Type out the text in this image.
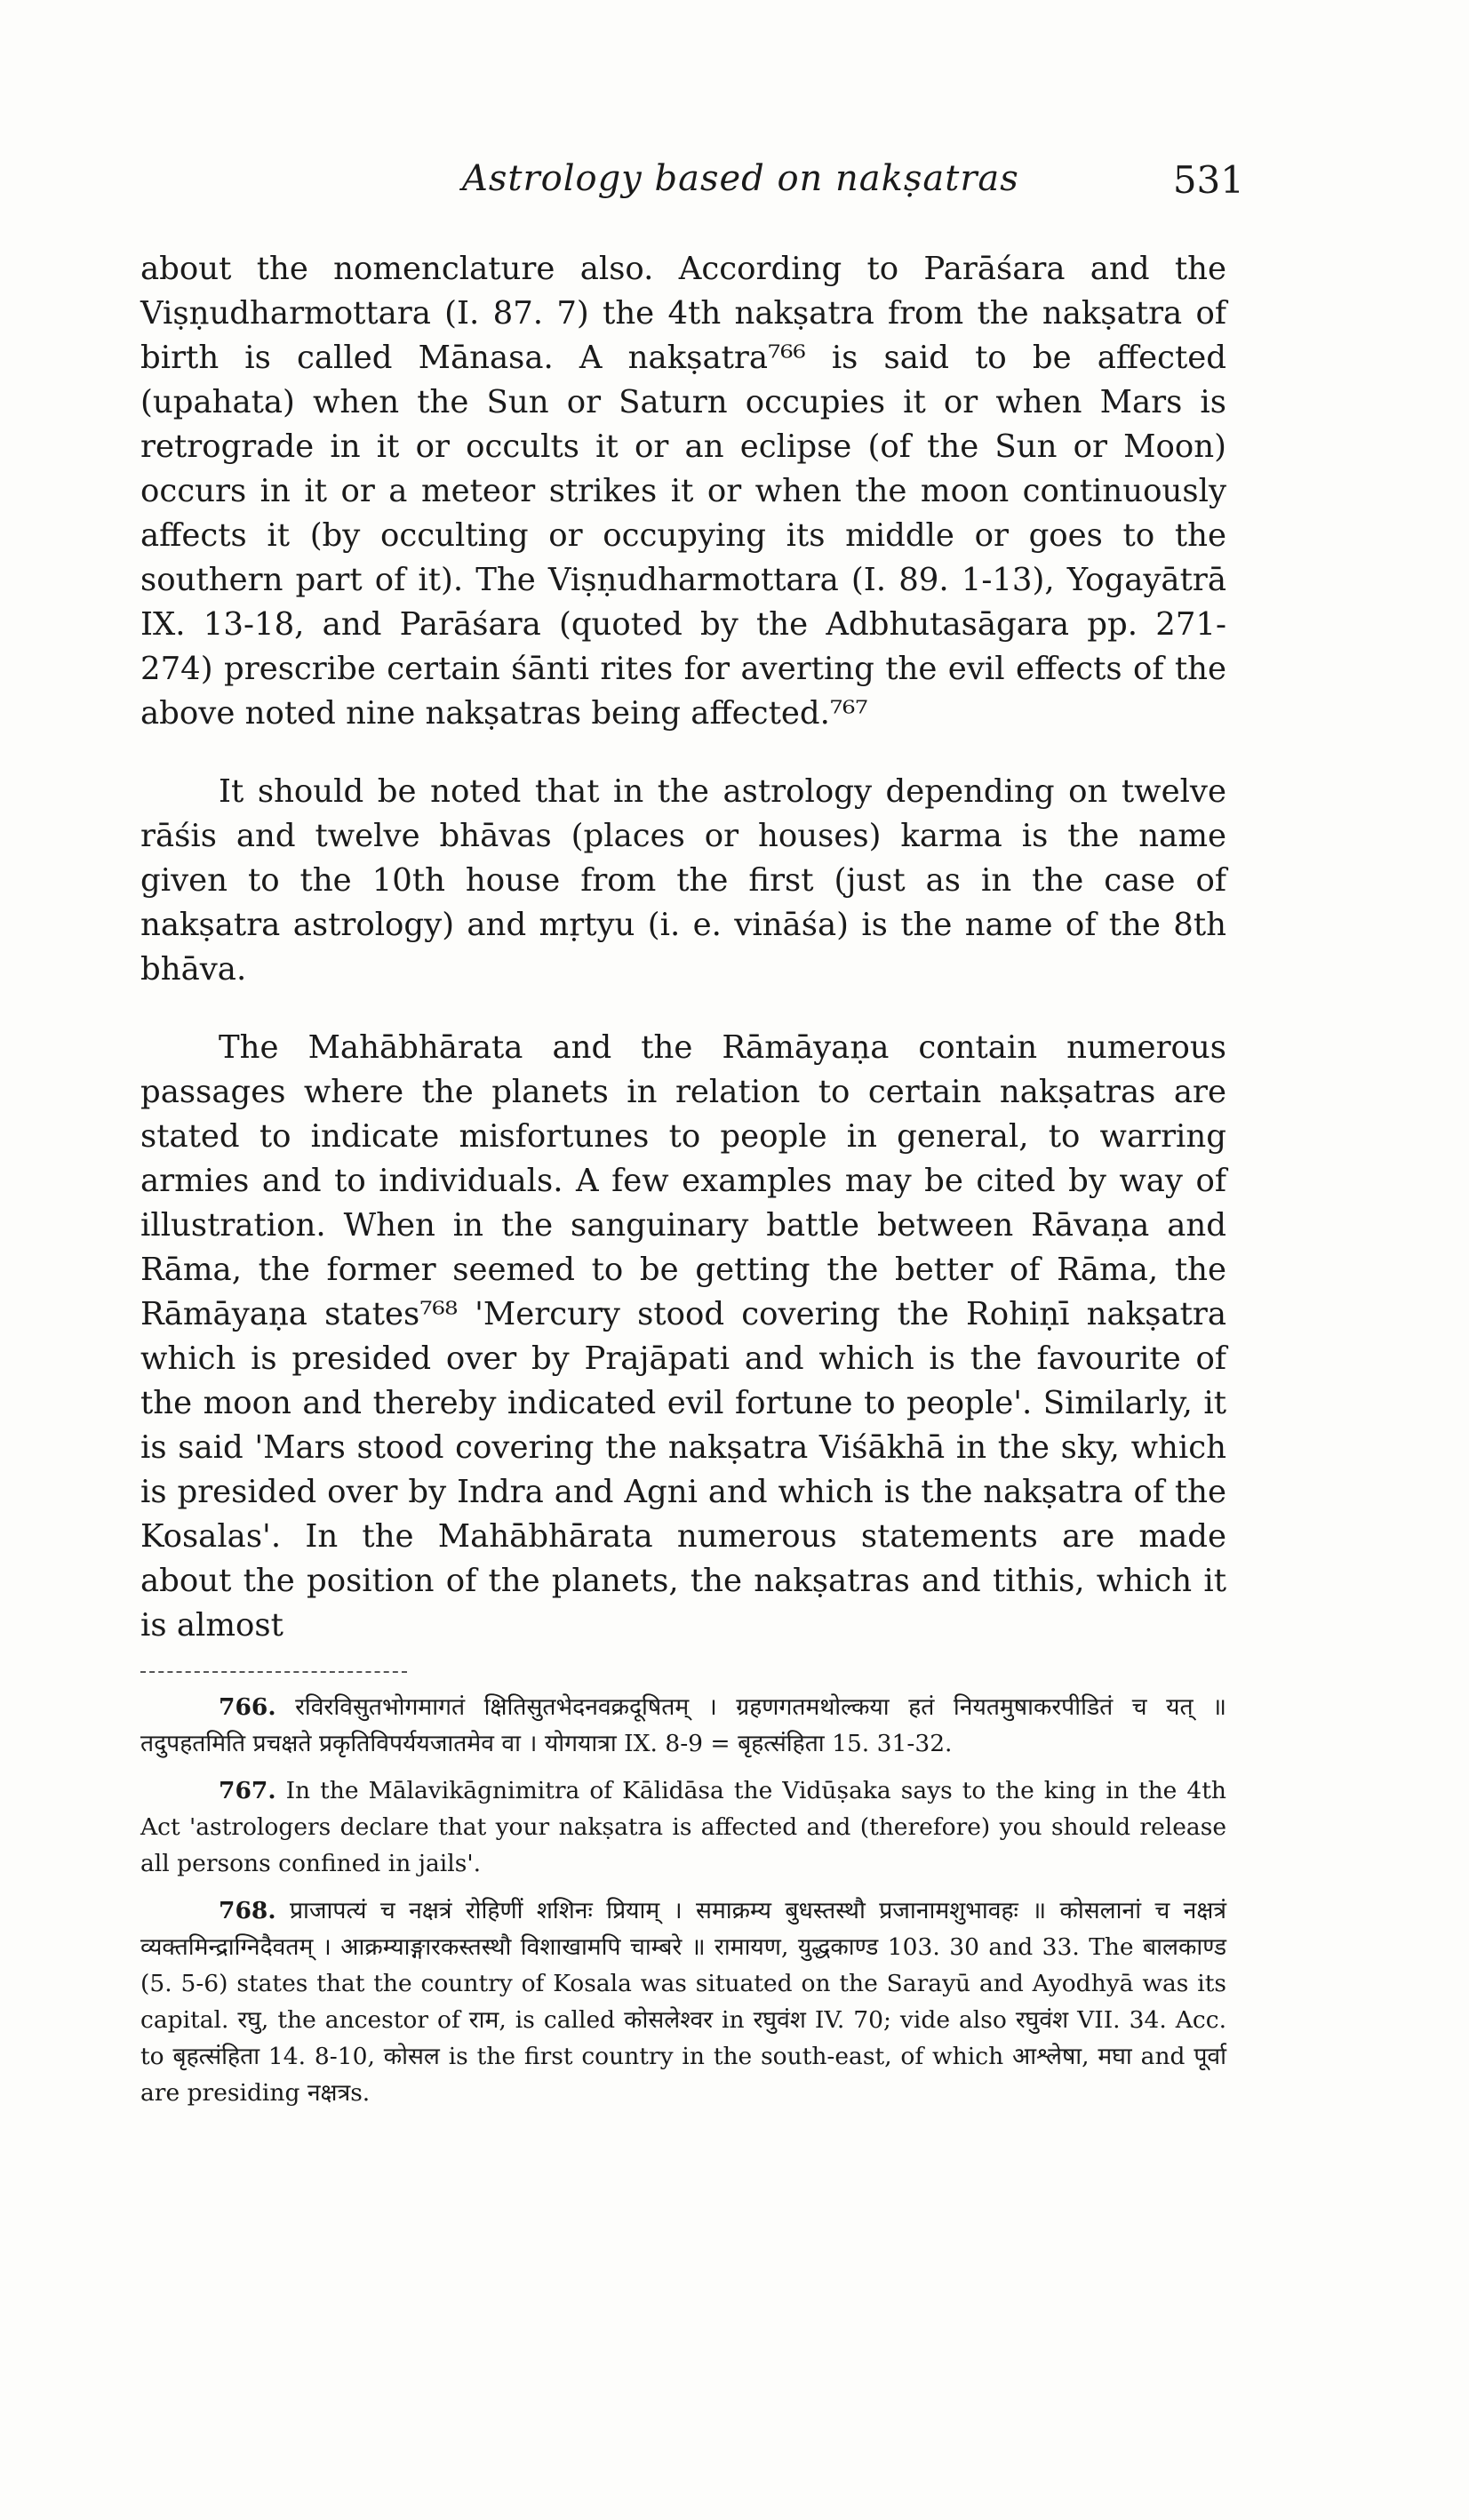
Astrology based on nakṣatras	531

about the nomenclature also. According to Parāśara and the Viṣṇudharmottara (I. 87. 7) the 4th nakṣatra from the nakṣatra of birth is called Mānasa. A nakṣatra⁷⁶⁶ is said to be affected (upahata) when the Sun or Saturn occupies it or when Mars is retrograde in it or occults it or an eclipse (of the Sun or Moon) occurs in it or a meteor strikes it or when the moon continuously affects it (by occulting or occupying its middle or goes to the southern part of it). The Viṣṇudharmottara (I. 89. 1-13), Yogayātrā IX. 13-18, and Parāśara (quoted by the Adbhutasāgara pp. 271-274) prescribe certain śānti rites for averting the evil effects of the above noted nine nakṣatras being affected.⁷⁶⁷

It should be noted that in the astrology depending on twelve rāśis and twelve bhāvas (places or houses) karma is the name given to the 10th house from the first (just as in the case of nakṣatra astrology) and mṛtyu (i. e. vināśa) is the name of the 8th bhāva.

The Mahābhārata and the Rāmāyaṇa contain numerous passages where the planets in relation to certain nakṣatras are stated to indicate misfortunes to people in general, to warring armies and to individuals. A few examples may be cited by way of illustration. When in the sanguinary battle between Rāvaṇa and Rāma, the former seemed to be getting the better of Rāma, the Rāmāyaṇa states⁷⁶⁸ 'Mercury stood covering the Rohiṇī nakṣatra which is presided over by Prajāpati and which is the favourite of the moon and thereby indicated evil fortune to people'. Similarly, it is said 'Mars stood covering the nakṣatra Viśākhā in the sky, which is presided over by Indra and Agni and which is the nakṣatra of the Kosalas'. In the Mahābhārata numerous statements are made about the position of the planets, the nakṣatras and tithis, which it is almost

766. रविरविसुतभोगमागतं क्षितिसुतभेदनवक्रदूषितम् । ग्रहणगतमथोल्कया हतं नियतमुषाकरपीडितं च यत् ॥ तदुपहतमिति प्रचक्षते प्रकृतिविपर्ययजातमेव वा । योगयात्रा IX. 8-9 = बृहत्संहिता 15. 31-32.

767. In the Mālavikāgnimitra of Kālidāsa the Vidūṣaka says to the king in the 4th Act 'astrologers declare that your nakṣatra is affected and (therefore) you should release all persons confined in jails'.

768. प्राजापत्यं च नक्षत्रं रोहिणीं शशिनः प्रियाम् । समाक्रम्य बुधस्तस्थौ प्रजानामशुभावहः ॥ कोसलानां च नक्षत्रं व्यक्तमिन्द्राग्निदैवतम् । आक्रम्याङ्गारकस्तस्थौ विशाखामपि चाम्बरे ॥ रामायण, युद्धकाण्ड 103. 30 and 33. The बालकाण्ड (5. 5-6) states that the country of Kosala was situated on the Sarayū and Ayodhyā was its capital. रघु, the ancestor of राम, is called कोसलेश्वर in रघुवंश IV. 70; vide also रघुवंश VII. 34. Acc. to बृहत्संहिता 14. 8-10, कोसल is the first country in the south-east, of which आश्लेषा, मघा and पूर्वा are presiding नक्षत्रs.
